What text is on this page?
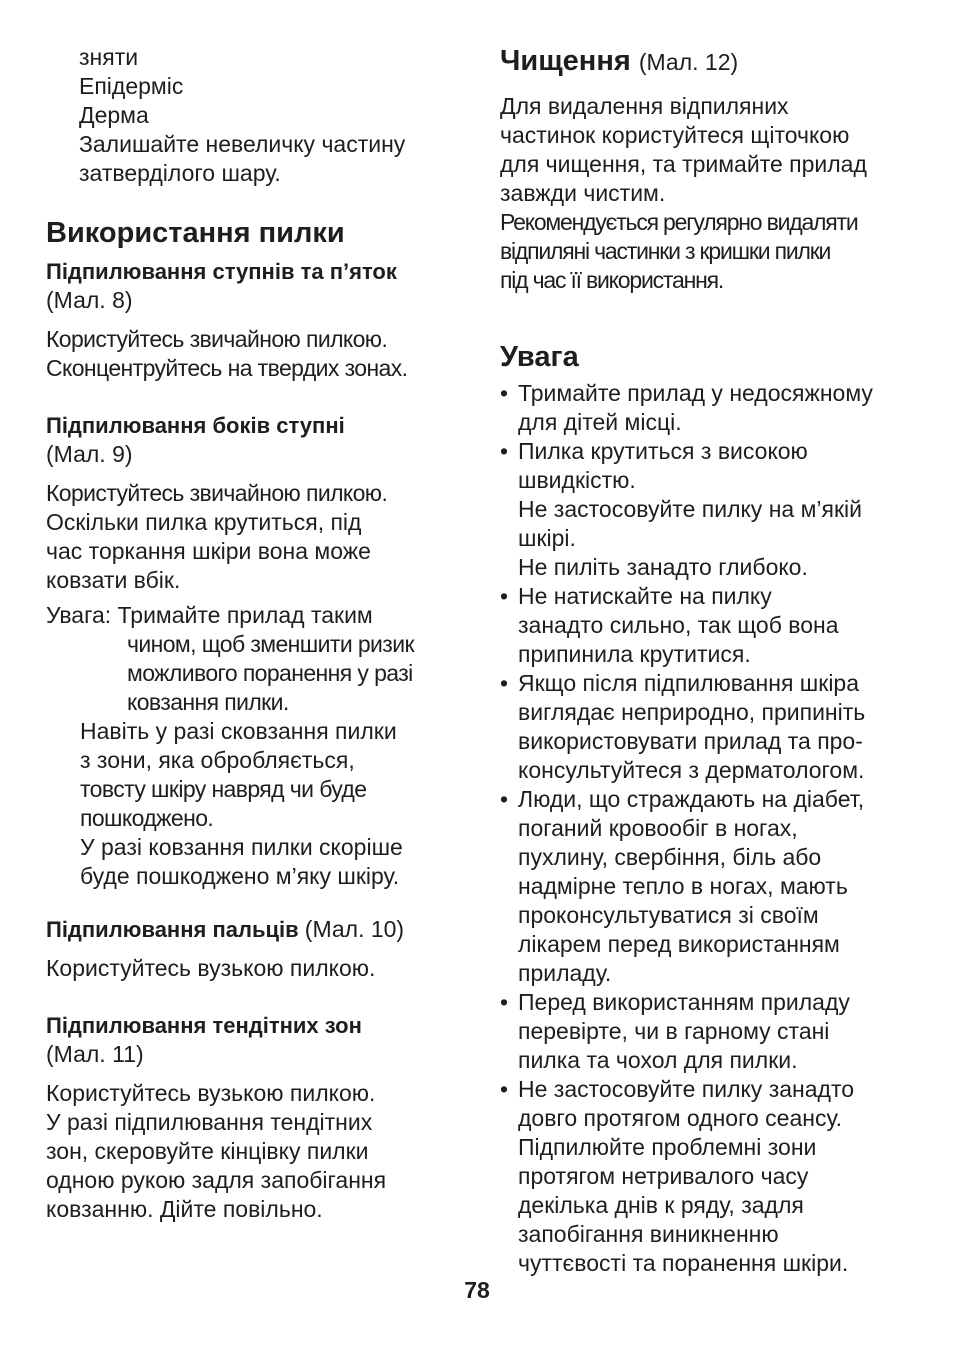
зняти

Епідерміс

Дерма

Залишайте невеличку частину

затверділого шару.

Використання пилки

Підпилювання ступнів та п’яток

(Мал. 8)

Користуйтесь звичайною пилкою.

Сконцентруйтесь на твердих зонах.

Підпилювання боків ступні

(Мал. 9)

Користуйтесь звичайною пилкою.

Оскільки пилка крутиться, під

час торкання шкіри вона може

ковзати вбік.

Увага: Тримайте прилад таким

чином, щоб зменшити ризик

можливого поранення у разі

ковзання пилки.

Навіть у разі сковзання пилки

з зони, яка обробляється,

товсту шкіру навряд чи буде

пошкоджено.

У разі ковзання пилки скоріше

буде пошкоджено м’яку шкіру.

Підпилювання пальців (Мал. 10)

Користуйтесь вузькою пилкою.

Підпилювання тендітних зон

(Мал. 11)

Користуйтесь вузькою пилкою.

У разі підпилювання тендітних

зон, скеровуйте кінцівку пилки

одною рукою задля запобігання

ковзанню. Дійте повільно.

Чищення (Мал. 12)

Для видалення відпиляних

частинок користуйтеся щіточкою

для чищення, та тримайте прилад

завжди чистим.

Рекомендується регулярно видаляти

відпиляні частинки з кришки пилки

під час її використання.

Увага
• Тримайте прилад у недосяжному

для дітей місці.

• Пилка крутиться з високою

швидкістю.

Не застосовуйте пилку на м’якій

шкірі.

Не пиліть занадто глибоко.

• Не натискайте на пилку

занадто сильно, так щоб вона

припинила крутитися.

• Якщо після підпилювання шкіра

виглядає неприродно, припиніть

використовувати прилад та про-

консультуйтеся з дерматологом.

• Люди, що страждають на діабет,

поганий кровообіг в ногах,

пухлину, свербіння, біль або

надмірне тепло в ногах, мають

проконсультуватися зі своїм

лікарем перед використанням

приладу.

• Перед використанням приладу

перевірте, чи в гарному стані

пилка та чохол для пилки.

• Не застосовуйте пилку занадто

довго протягом одного сеансу.

Підпилюйте проблемні зони

протягом нетривалого часу

декілька днів к ряду, задля

запобігання виникненню

чуттєвості та поранення шкіри.

78
